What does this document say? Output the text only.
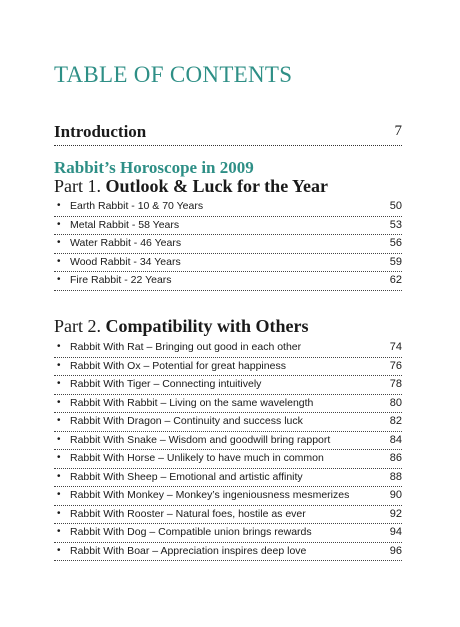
TABLE OF CONTENTS
Introduction	7
Rabbit’s Horoscope in 2009
Part 1. Outlook & Luck for the Year
• Earth Rabbit - 10 & 70 Years	50
• Metal Rabbit - 58 Years	53
• Water Rabbit - 46 Years	56
• Wood Rabbit - 34 Years	59
• Fire Rabbit - 22 Years	62
Part 2. Compatibility with Others
• Rabbit With Rat – Bringing out good in each other	74
• Rabbit With Ox – Potential for great happiness	76
• Rabbit With Tiger – Connecting intuitively	78
• Rabbit With Rabbit – Living on the same wavelength	80
• Rabbit With Dragon – Continuity and success luck	82
• Rabbit With Snake – Wisdom and goodwill bring rapport	84
• Rabbit With Horse – Unlikely to have much in common	86
• Rabbit With Sheep – Emotional and artistic affinity	88
• Rabbit With Monkey – Monkey’s ingeniousness mesmerizes	90
• Rabbit With Rooster – Natural foes, hostile as ever	92
• Rabbit With Dog – Compatible union brings rewards	94
• Rabbit With Boar – Appreciation inspires deep love	96
